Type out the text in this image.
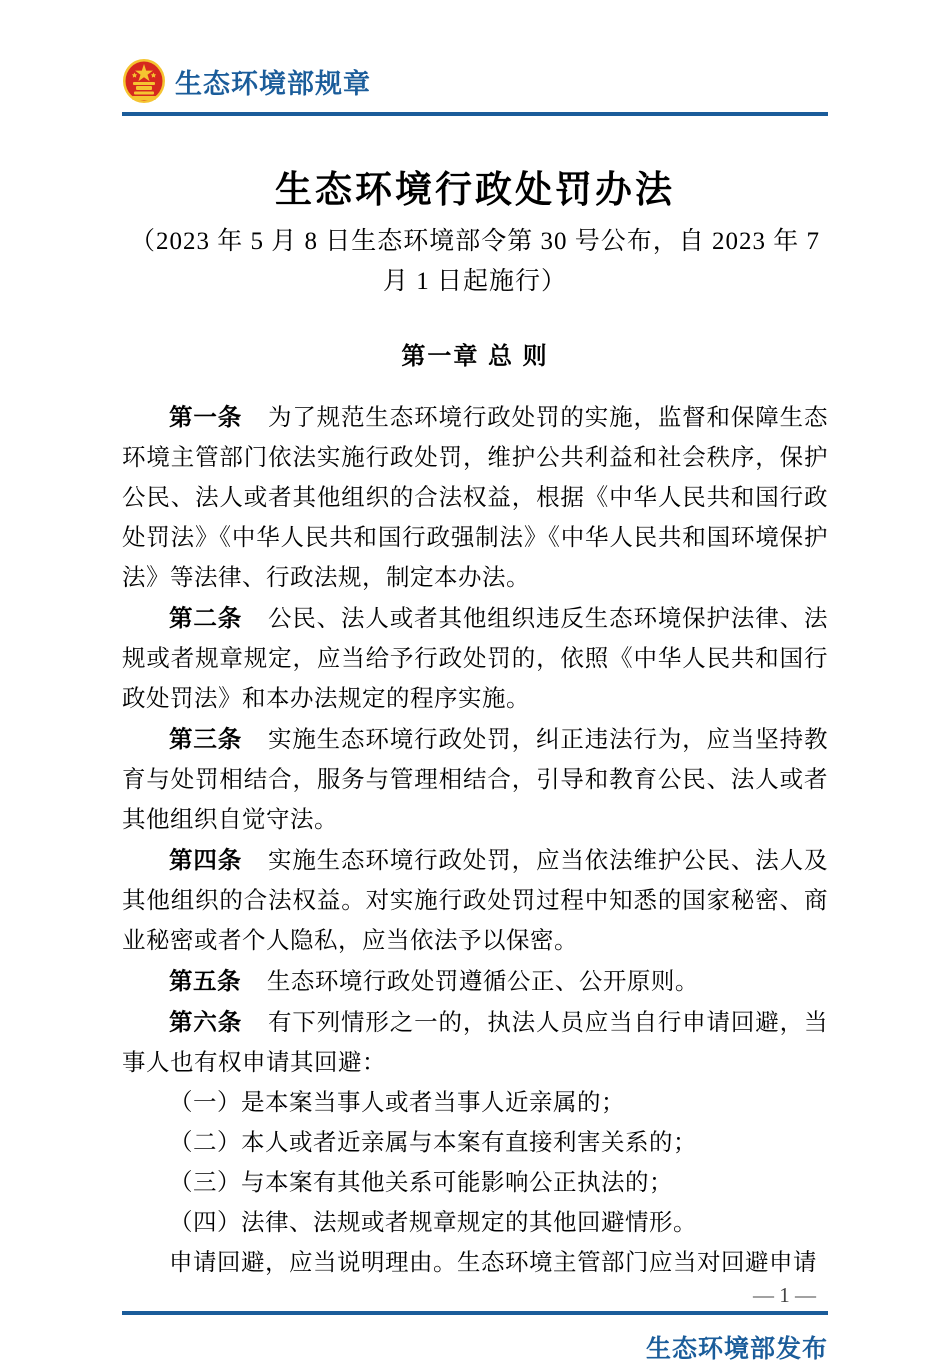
生态环境部规章
生态环境行政处罚办法
（2023 年 5 月 8 日生态环境部令第 30 号公布，自 2023 年 7 月 1 日起施行）
第一章 总 则

第一条 为了规范生态环境行政处罚的实施，监督和保障生态环境主管部门依法实施行政处罚，维护公共利益和社会秩序，保护公民、法人或者其他组织的合法权益，根据《中华人民共和国行政处罚法》《中华人民共和国行政强制法》《中华人民共和国环境保护法》等法律、行政法规，制定本办法。

第二条 公民、法人或者其他组织违反生态环境保护法律、法规或者规章规定，应当给予行政处罚的，依照《中华人民共和国行政处罚法》和本办法规定的程序实施。

第三条 实施生态环境行政处罚，纠正违法行为，应当坚持教育与处罚相结合，服务与管理相结合，引导和教育公民、法人或者其他组织自觉守法。

第四条 实施生态环境行政处罚，应当依法维护公民、法人及其他组织的合法权益。对实施行政处罚过程中知悉的国家秘密、商业秘密或者个人隐私，应当依法予以保密。

第五条 生态环境行政处罚遵循公正、公开原则。

第六条 有下列情形之一的，执法人员应当自行申请回避，当事人也有权申请其回避：

（一）是本案当事人或者当事人近亲属的；

（二）本人或者近亲属与本案有直接利害关系的；

（三）与本案有其他关系可能影响公正执法的；

（四）法律、法规或者规章规定的其他回避情形。

申请回避，应当说明理由。生态环境主管部门应当对回避申请

— 1 —
生态环境部发布
